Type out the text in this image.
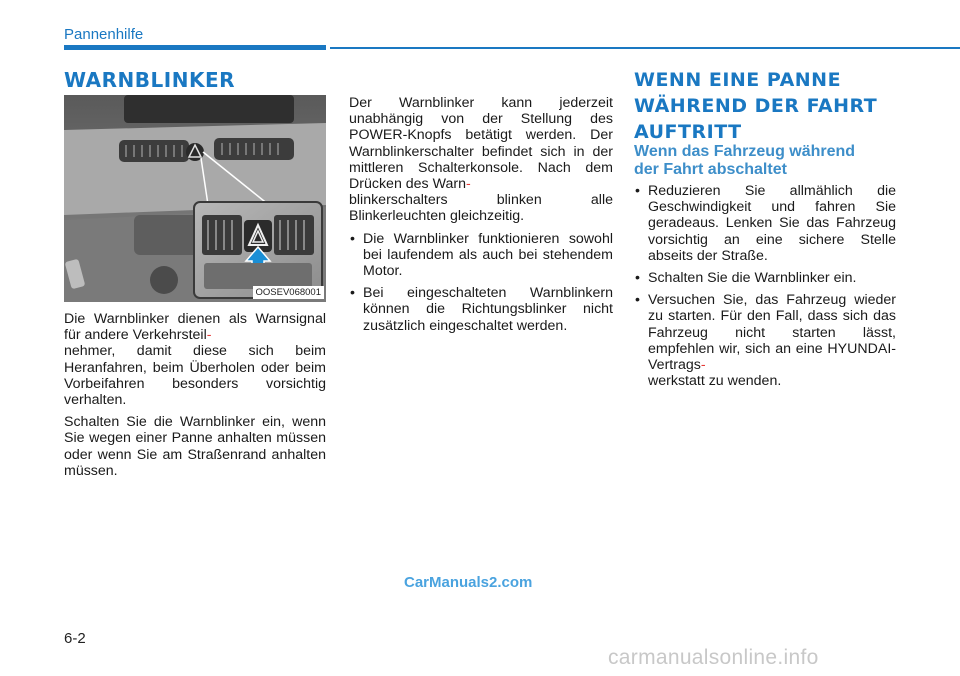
Pannenhilfe
WARNBLINKER
OOSEV068001

Die Warnblinker dienen als Warnsignal für andere Verkehrsteil-
nehmer, damit diese sich beim Heranfahren, beim Überholen oder beim Vorbeifahren besonders vorsichtig verhalten.

Schalten Sie die Warnblinker ein, wenn Sie wegen einer Panne anhalten müssen oder wenn Sie am Straßenrand anhalten müssen.

Der Warnblinker kann jederzeit unabhängig von der Stellung des POWER-Knopfs betätigt werden. Der Warnblinkerschalter befindet sich in der mittleren Schalterkonsole. Nach dem Drücken des Warn-
blinkerschalters blinken alle Blinkerleuchten gleichzeitig.

• Die Warnblinker funktionieren sowohl bei laufendem als auch bei stehendem Motor.
• Bei eingeschalteten Warnblinkern können die Richtungsblinker nicht zusätzlich eingeschaltet werden.
WENN EINE PANNE
WÄHREND DER FAHRT
AUFTRITT
Wenn das Fahrzeug während
der Fahrt abschaltet
• Reduzieren Sie allmählich die Geschwindigkeit und fahren Sie geradeaus. Lenken Sie das Fahrzeug vorsichtig an eine sichere Stelle abseits der Straße.
• Schalten Sie die Warnblinker ein.
• Versuchen Sie, das Fahrzeug wieder zu starten. Für den Fall, dass sich das Fahrzeug nicht starten lässt, empfehlen wir, sich an eine HYUNDAI-Vertrags-
werkstatt zu wenden.
CarManuals2.com
6-2
carmanualsonline.info
